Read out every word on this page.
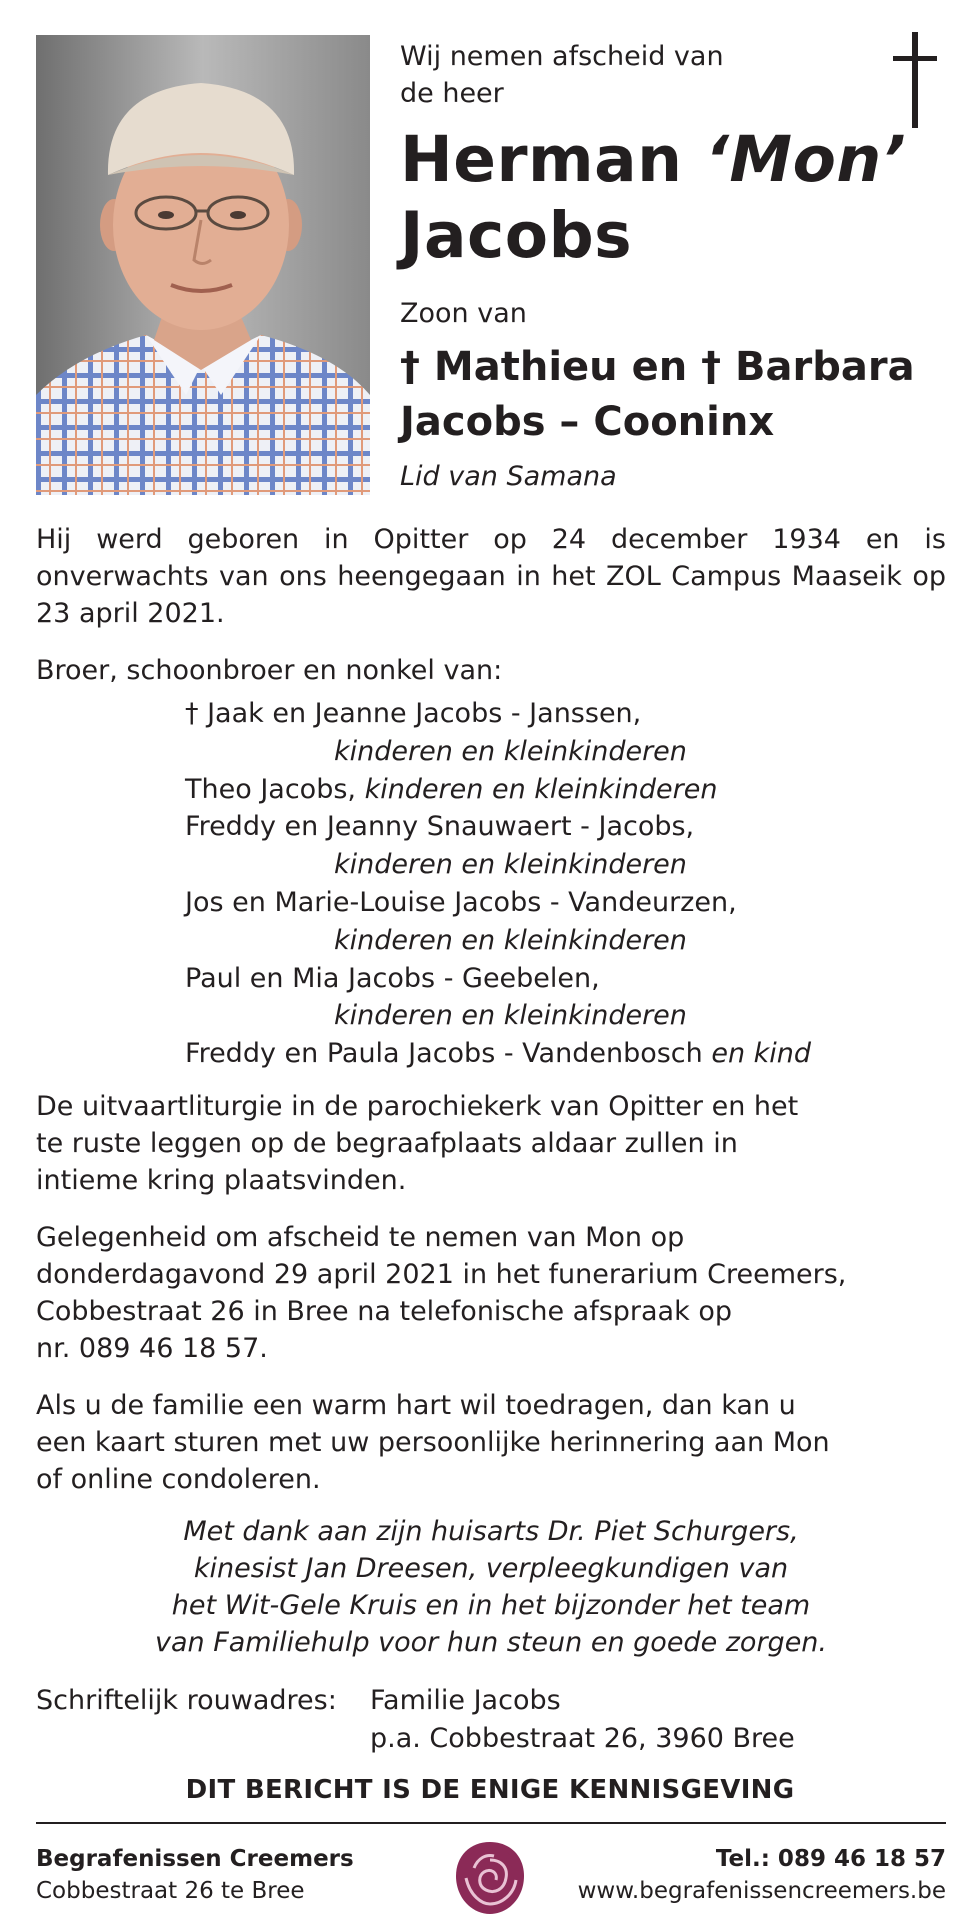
Wij nemen afscheid van
de heer
Herman ‘Mon’
Jacobs
Zoon van
† Mathieu en † Barbara
Jacobs – Cooninx
Lid van Samana
Hij werd geboren in Opitter op 24 december 1934 en is onverwachts van ons heengegaan in het ZOL Campus Maaseik op 23 april 2021.
Broer, schoonbroer en nonkel van:
† Jaak en Jeanne Jacobs - Janssen,
kinderen en kleinkinderen
Theo Jacobs, kinderen en kleinkinderen
Freddy en Jeanny Snauwaert - Jacobs,
kinderen en kleinkinderen
Jos en Marie-Louise Jacobs - Vandeurzen,
kinderen en kleinkinderen
Paul en Mia Jacobs - Geebelen,
kinderen en kleinkinderen
Freddy en Paula Jacobs - Vandenbosch en kind
De uitvaartliturgie in de parochiekerk van Opitter en het
te ruste leggen op de begraafplaats aldaar zullen in
intieme kring plaatsvinden.
Gelegenheid om afscheid te nemen van Mon op
donderdagavond 29 april 2021 in het funerarium Creemers,
Cobbestraat 26 in Bree na telefonische afspraak op
nr. 089 46 18 57.
Als u de familie een warm hart wil toedragen, dan kan u
een kaart sturen met uw persoonlijke herinnering aan Mon
of online condoleren.
Met dank aan zijn huisarts Dr. Piet Schurgers,
kinesist Jan Dreesen, verpleegkundigen van
het Wit-Gele Kruis en in het bijzonder het team
van Familiehulp voor hun steun en goede zorgen.
Schriftelijk rouwadres: Familie Jacobs
p.a. Cobbestraat 26, 3960 Bree
DIT BERICHT IS DE ENIGE KENNISGEVING
Begrafenissen Creemers
Cobbestraat 26 te Bree
Tel.: 089 46 18 57
www.begrafenissencreemers.be
